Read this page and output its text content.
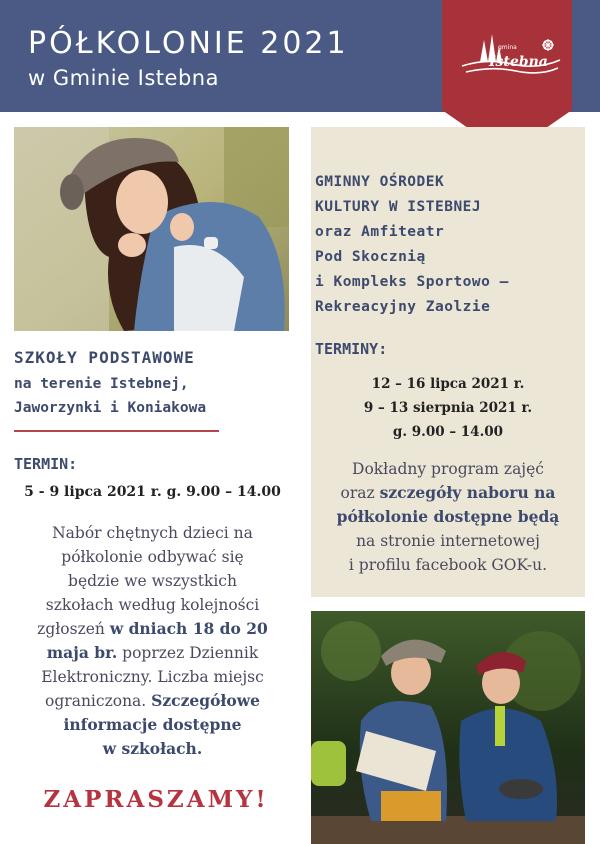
PÓŁKOLONIE 2021
w Gminie Istebna
gmina
Istebna
SZKOŁY PODSTAWOWE
na terenie Istebnej,
Jaworzynki i Koniakowa
TERMIN:
5 - 9 lipca 2021 r. g. 9.00 – 14.00
Nabór chętnych dzieci na
półkolonie odbywać się
będzie we wszystkich
szkołach według kolejności
zgłoszeń w dniach 18 do 20
maja br. poprzez Dziennik
Elektroniczny. Liczba miejsc
ograniczona. Szczegółowe
informacje dostępne
w szkołach.
ZAPRASZAMY!
GMINNY OŚRODEK
KULTURY W ISTEBNEJ
oraz Amfiteatr
Pod Skocznią
i Kompleks Sportowo –
Rekreacyjny Zaolzie
TERMINY:
12 – 16 lipca 2021 r.
9 – 13 sierpnia 2021 r.
g. 9.00 – 14.00
Dokładny program zajęć
oraz szczegóły naboru na
półkolonie dostępne będą
na stronie internetowej
i profilu facebook GOK-u.
